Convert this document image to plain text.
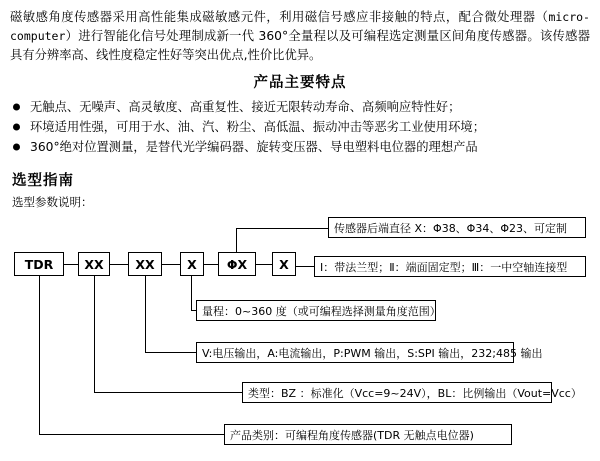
磁敏感角度传感器采用高性能集成磁敏感元件，利用磁信号感应非接触的特点，配合微处理器（micro-computer）进行智能化信号处理制成新一代 360°全量程以及可编程选定测量区间角度传感器。该传感器具有分辨率高、线性度稳定性好等突出优点,性价比优异。
产品主要特点
无触点、无噪声、高灵敏度、高重复性、接近无限转动寿命、高频响应特性好；
环境适用性强，可用于水、油、汽、粉尘、高低温、振动冲击等恶劣工业使用环境；
360°绝对位置测量，是替代光学编码器、旋转变压器、导电塑料电位器的理想产品
选型指南
选型参数说明：
TDR	XX	XX	X	ΦX	X
传感器后端直径 X：Φ38、Φ34、Φ23、可定制
Ⅰ：带法兰型；Ⅱ：端面固定型；Ⅲ：一中空轴连接型
量程：0~360 度（或可编程选择测量角度范围）
V:电压输出，A:电流输出，P:PWM 输出，S:SPI 输出，232;485 输出
类型：BZ ：标准化（Vcc=9~24V），BL：比例输出（Vout=Vcc）
产品类别：可编程角度传感器(TDR 无触点电位器)
